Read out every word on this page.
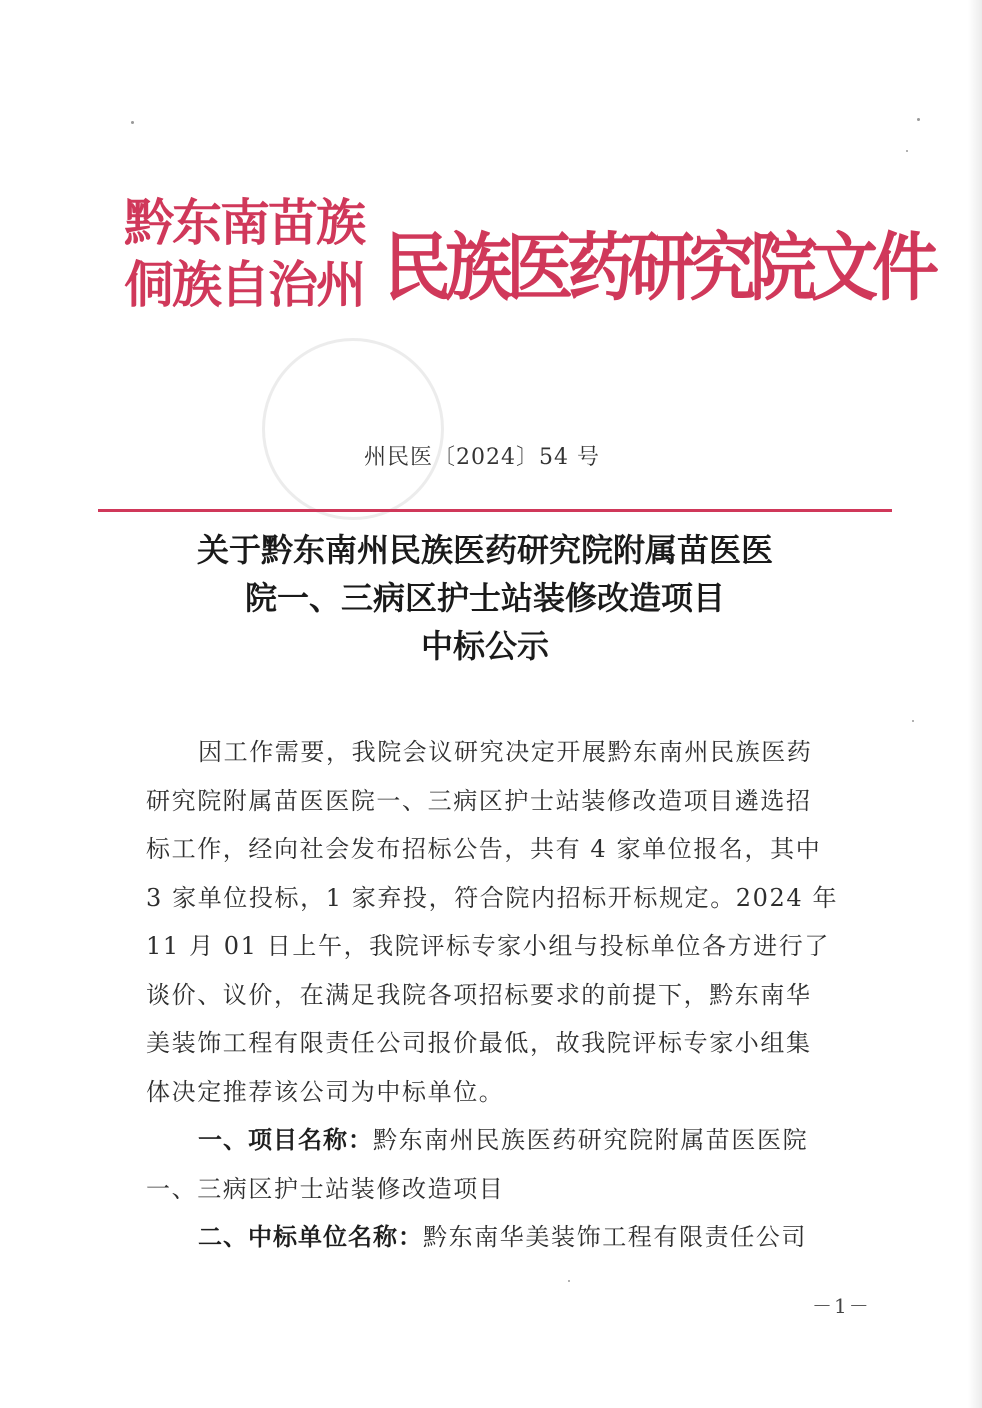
黔东南苗族
侗族自治州 民族医药研究院文件
州民医〔2024〕54 号
关于黔东南州民族医药研究院附属苗医医
院一、三病区护士站装修改造项目
中标公示
因工作需要，我院会议研究决定开展黔东南州民族医药
研究院附属苗医医院一、三病区护士站装修改造项目遴选招
标工作，经向社会发布招标公告，共有 4 家单位报名，其中
3 家单位投标，1 家弃投，符合院内招标开标规定。2024 年
11 月 01 日上午，我院评标专家小组与投标单位各方进行了
谈价、议价，在满足我院各项招标要求的前提下，黔东南华
美装饰工程有限责任公司报价最低，故我院评标专家小组集
体决定推荐该公司为中标单位。
一、项目名称：黔东南州民族医药研究院附属苗医医院
一、三病区护士站装修改造项目
二、中标单位名称：黔东南华美装饰工程有限责任公司
－1－
